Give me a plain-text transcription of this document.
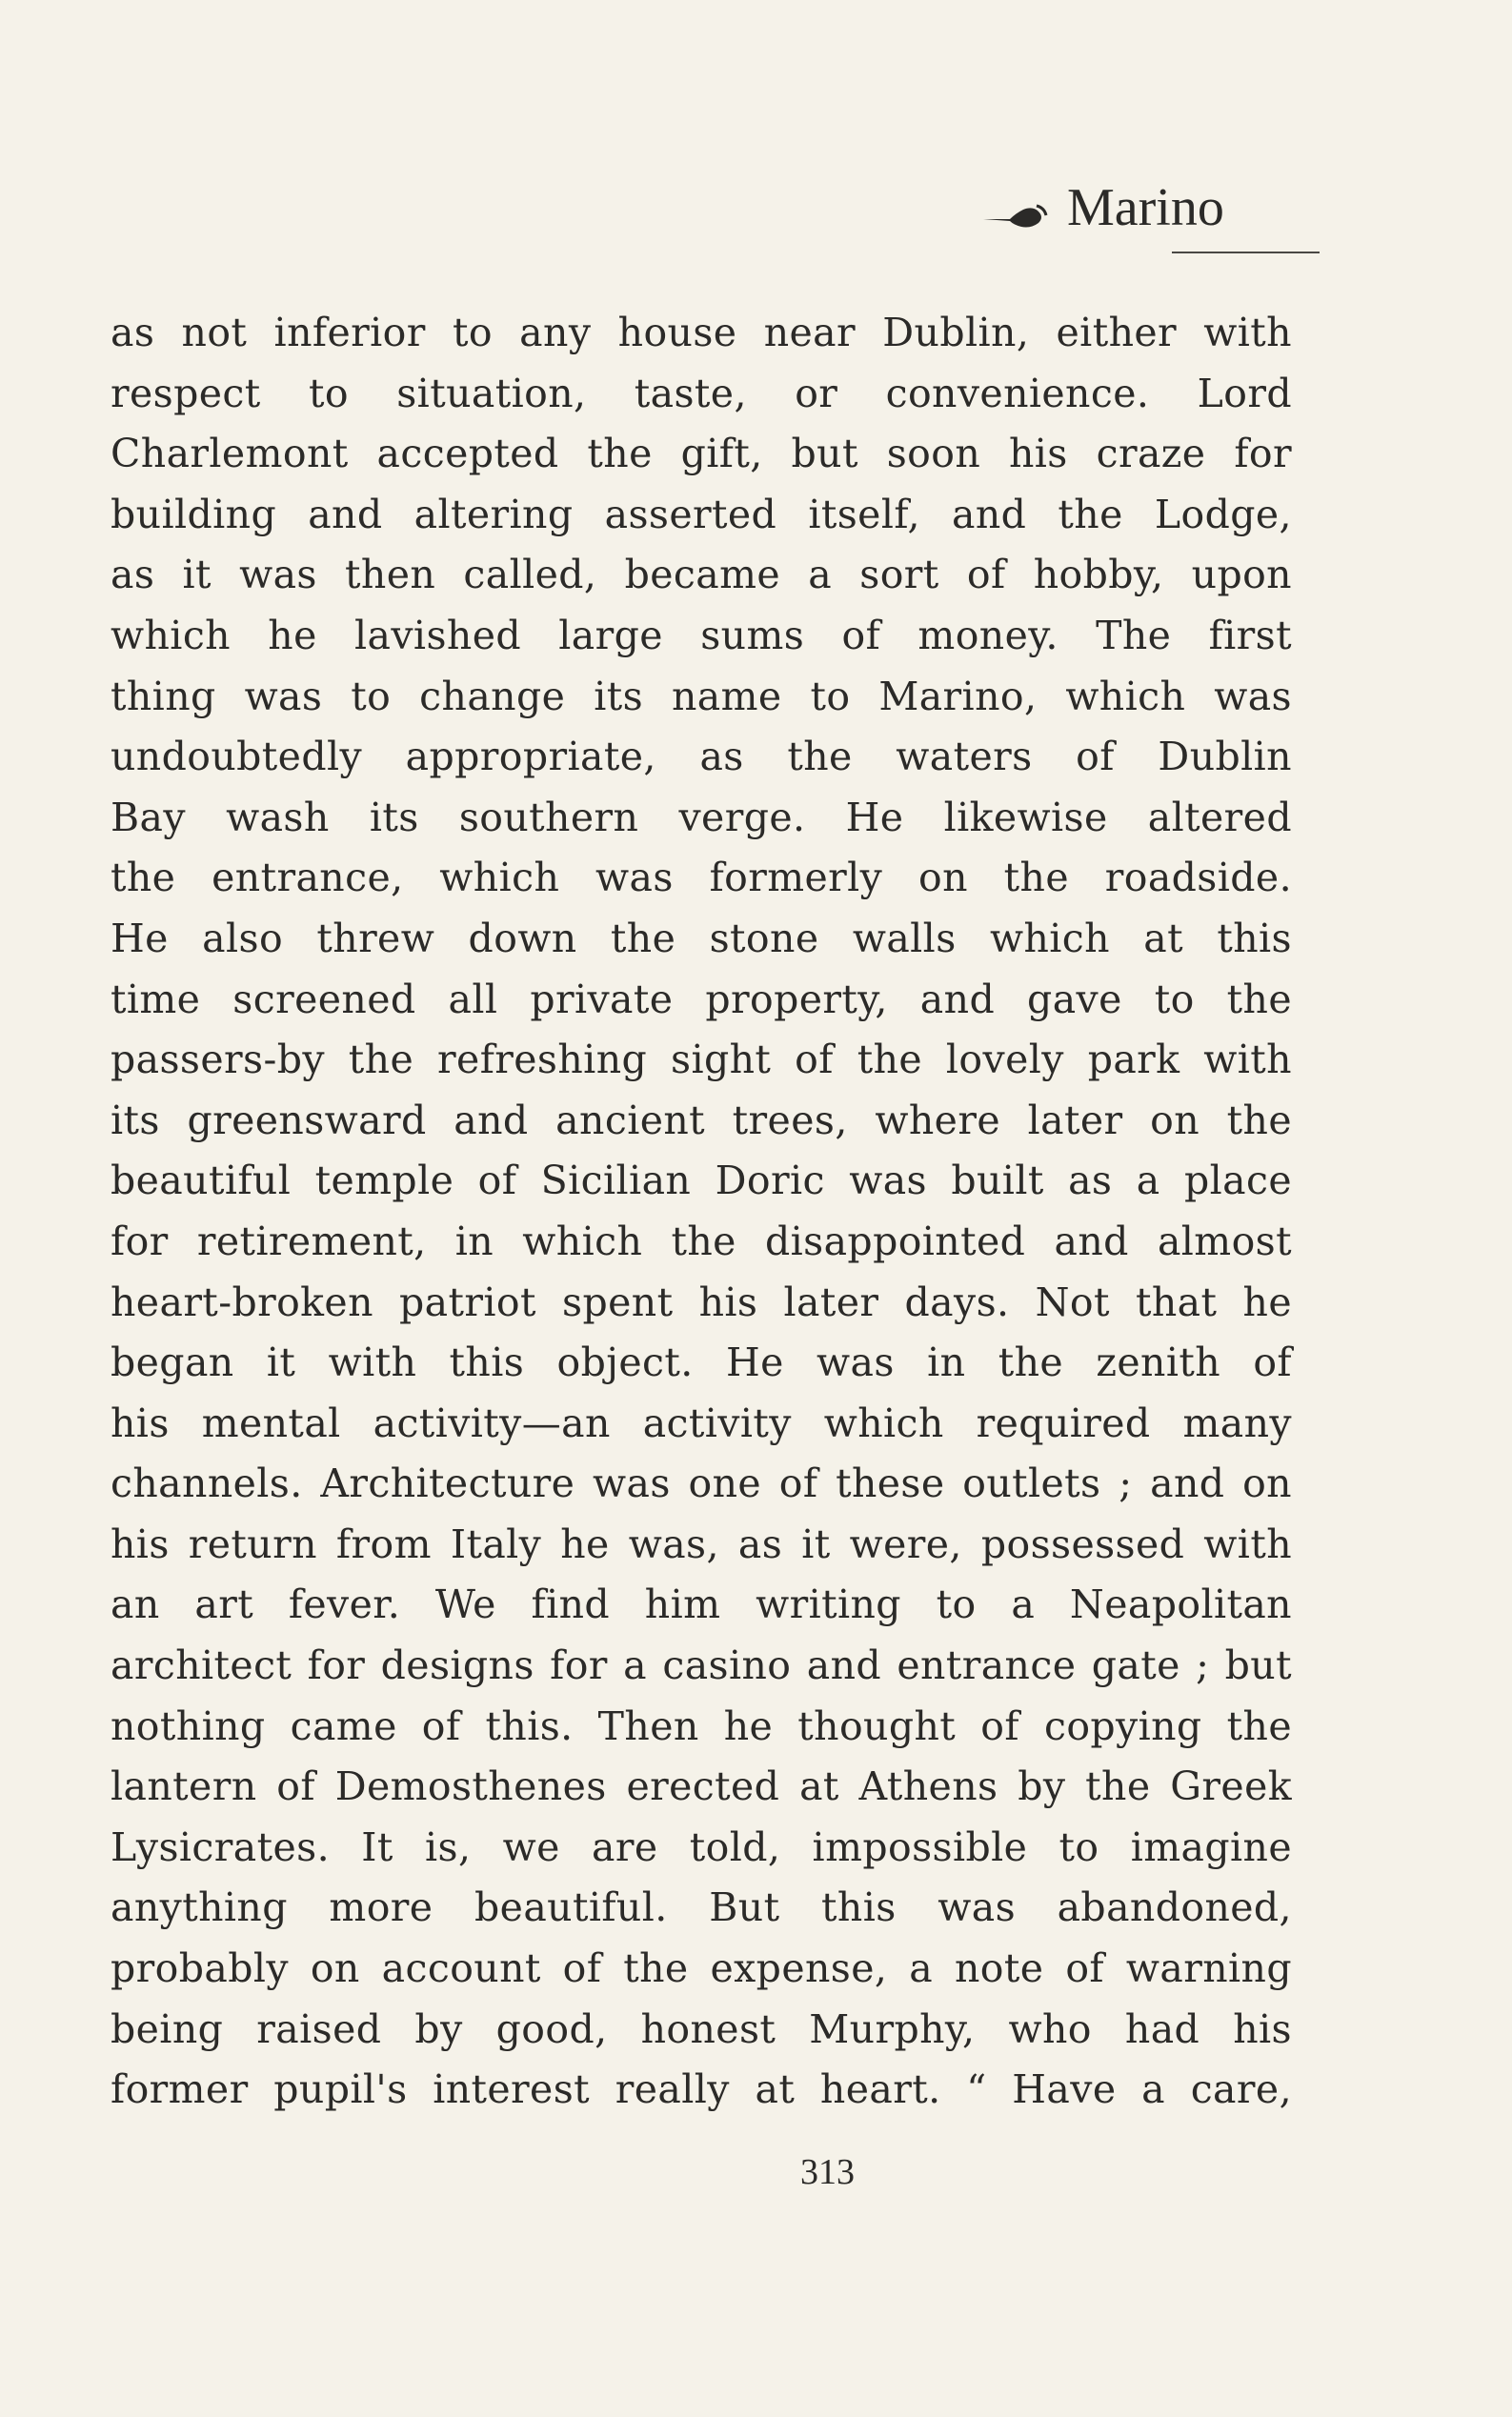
Marino
as not inferior to any house near Dublin, either with
respect to situation, taste, or convenience. Lord
Charlemont accepted the gift, but soon his craze for
building and altering asserted itself, and the Lodge,
as it was then called, became a sort of hobby, upon
which he lavished large sums of money. The first
thing was to change its name to Marino, which was
undoubtedly appropriate, as the waters of Dublin
Bay wash its southern verge. He likewise altered
the entrance, which was formerly on the roadside.
He also threw down the stone walls which at this
time screened all private property, and gave to the
passers-by the refreshing sight of the lovely park with
its greensward and ancient trees, where later on the
beautiful temple of Sicilian Doric was built as a place
for retirement, in which the disappointed and almost
heart-broken patriot spent his later days. Not that he
began it with this object. He was in the zenith of
his mental activity—an activity which required many
channels. Architecture was one of these outlets ; and on
his return from Italy he was, as it were, possessed with
an art fever. We find him writing to a Neapolitan
architect for designs for a casino and entrance gate ; but
nothing came of this. Then he thought of copying the
lantern of Demosthenes erected at Athens by the Greek
Lysicrates. It is, we are told, impossible to imagine
anything more beautiful. But this was abandoned,
probably on account of the expense, a note of warning
being raised by good, honest Murphy, who had his
former pupil's interest really at heart. “ Have a care,
313
